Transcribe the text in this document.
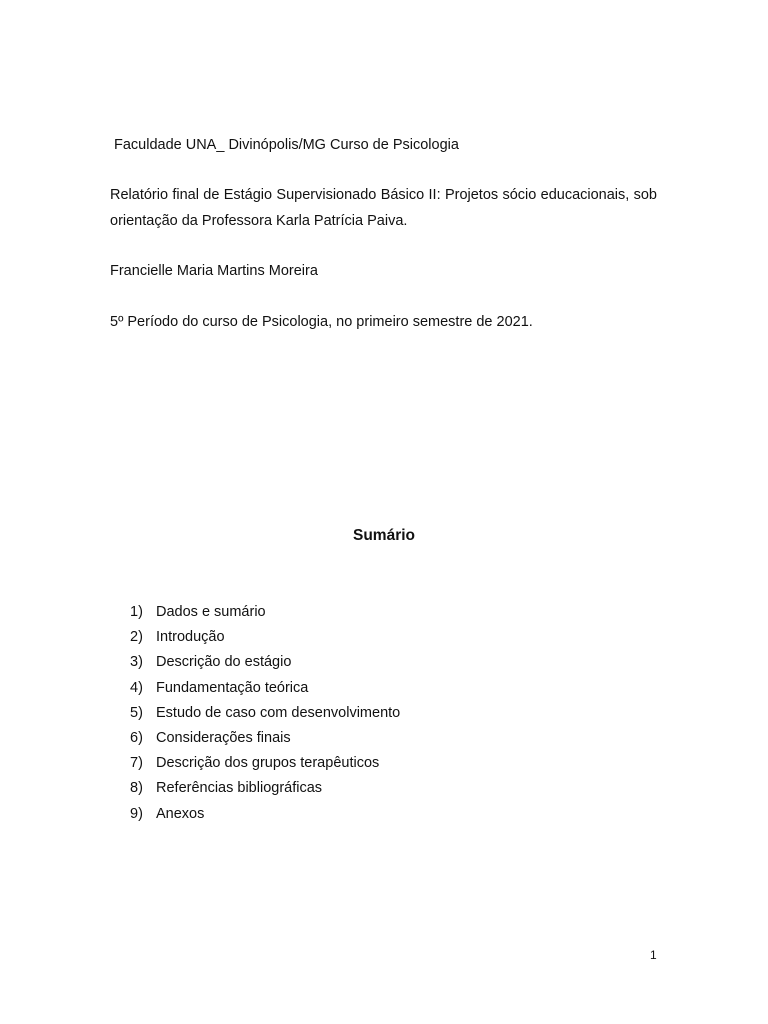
Faculdade UNA_ Divinópolis/MG Curso de Psicologia
Relatório final de Estágio Supervisionado Básico II: Projetos sócio educacionais, sob orientação da Professora Karla Patrícia Paiva.
Francielle Maria Martins Moreira
5º Período do curso de Psicologia, no primeiro semestre de 2021.
Sumário
1) Dados e sumário
2) Introdução
3) Descrição do estágio
4) Fundamentação teórica
5) Estudo de caso com desenvolvimento
6) Considerações finais
7) Descrição dos grupos terapêuticos
8) Referências bibliográficas
9) Anexos
1
